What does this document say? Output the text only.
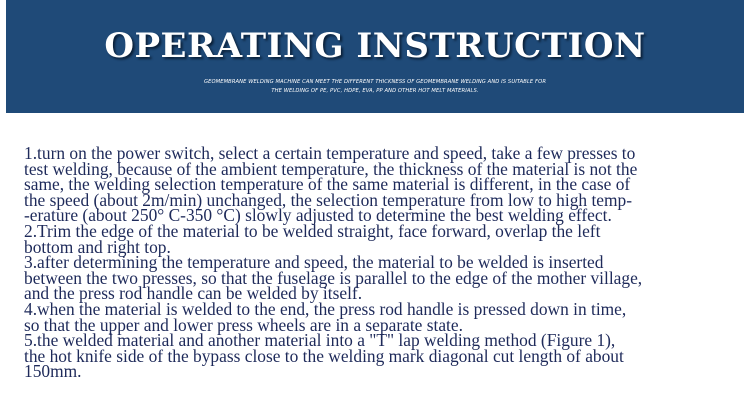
OPERATING INSTRUCTION
GEOMEMBRANE WELDING MACHINE CAN MEET THE DIFFERENT THICKNESS OF GEOMEMBRANE WELDING AND IS SUITABLE FOR
THE WELDING OF PE, PVC, HDPE, EVA, PP AND OTHER HOT MELT MATERIALS.
1.turn on the power switch, select a certain temperature and speed, take a few presses to
test welding, because of the ambient temperature, the thickness of the material is not the
same, the welding selection temperature of the same material is different, in the case of
the speed (about 2m/min) unchanged, the selection temperature from low to high temp-
-erature (about 250° C-350 °C) slowly adjusted to determine the best welding effect.
2.Trim the edge of the material to be welded straight, face forward, overlap the left
bottom and right top.
3.after determining the temperature and speed, the material to be welded is inserted
between the two presses, so that the fuselage is parallel to the edge of the mother village,
and the press rod handle can be welded by itself.
4.when the material is welded to the end, the press rod handle is pressed down in time,
so that the upper and lower press wheels are in a separate state.
5.the welded material and another material into a "T" lap welding method (Figure 1),
the hot knife side of the bypass close to the welding mark diagonal cut length of about
150mm.
